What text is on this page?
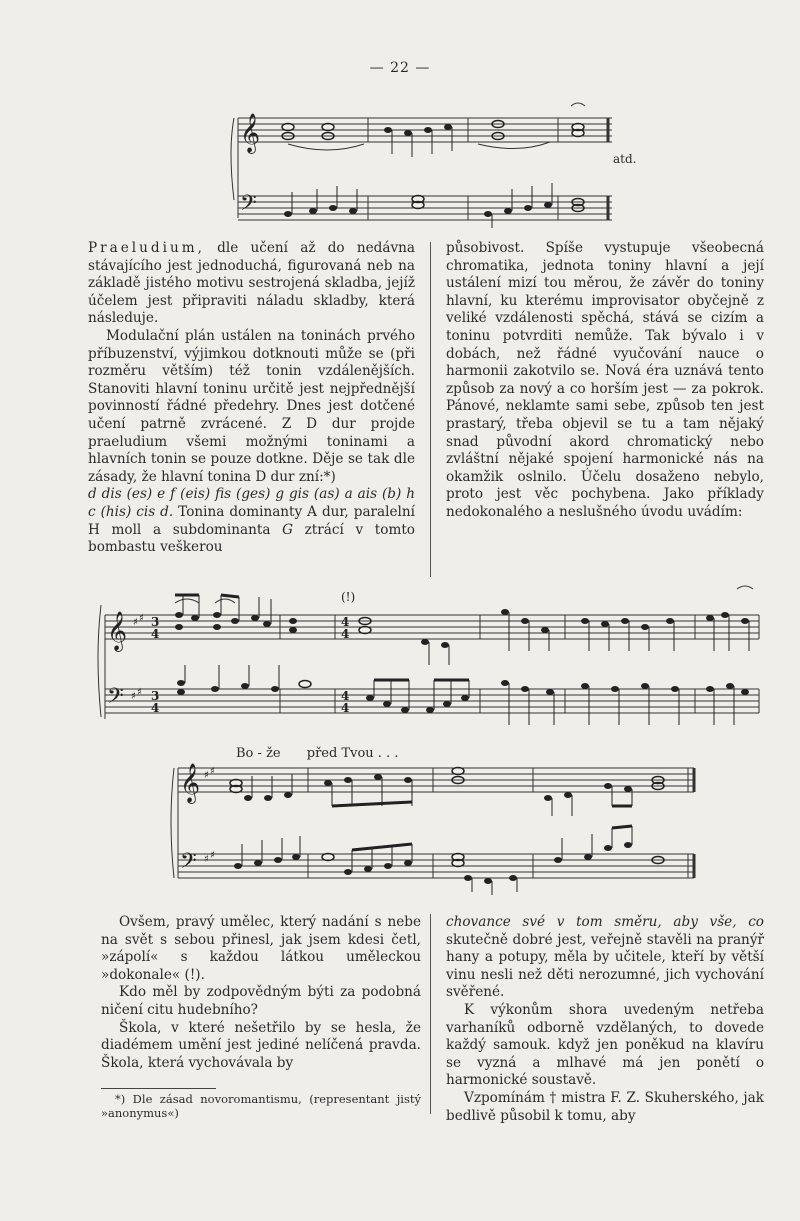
— 22 —
𝄞
𝄢
atd.

Praeludium, dle učení až do nedávna stávajícího jest jednoduchá, figurovaná neb na základě jistého motivu sestrojená skladba, jejíž účelem jest připraviti náladu skladby, která následuje.

Modulační plán ustálen na toninách prvého příbuzenství, výjimkou dotknouti může se (při rozměru větším) též tonin vzdálenějších. Stanoviti hlavní toninu určitě jest nejpřednější povinností řádné předehry. Dnes jest dotčené učení patrně zvrácené. Z D dur projde praeludium všemi možnými toninami a hlavních tonin se pouze dotkne. Děje se tak dle zásady, že hlavní tonina D dur zní:*)

d dis (es) e f (eis) fis (ges) g gis (as) a ais (b) h c (his) cis d. Tonina dominanty A dur, paralelní H moll a subdominanta G ztrácí v tomto bombastu veškerou

působivost. Spíše vystupuje všeobecná chromatika, jednota toniny hlavní a její ustálení mizí tou měrou, že závěr do toniny hlavní, ku kterému improvisator obyčejně z veliké vzdálenosti spěchá, stává se cizím a toninu potvrditi nemůže. Tak bývalo i v dobách, než řádné vyučování nauce o harmonii zakotvilo se. Nová éra uznává tento způsob za nový a co horším jest — za pokrok. Pánové, neklamte sami sebe, způsob ten jest prastarý, třeba objevil se tu a tam nějaký snad původní akord chromatický nebo zvláštní nějaké spojení harmonické nás na okamžik oslnilo. Účelu dosaženo nebylo, proto jest věc pochybena. Jako příklady nedokonalého a neslušného úvodu uvádím:

𝄞
𝄢
♯ ♯
♯ ♯
3
4
3
4
4
4
4
4
(!)
Bo - že před Tvou . . .
𝄞
𝄢
♯ ♯
♯ ♯

Ovšem, pravý umělec, který nadání s nebe na svět s sebou přinesl, jak jsem kdesi četl, »zápolí« s každou látkou uměleckou »dokonale« (!).

Kdo měl by zodpovědným býti za podobná ničení citu hudebního?

Škola, v které nešetřilo by se hesla, že diadémem umění jest jediné nelíčená pravda. Škola, která vychovávala by

chovance své v tom směru, aby vše, co skutečně dobré jest, veřejně stavěli na pranýř hany a potupy, měla by učitele, kteří by větší vinu nesli než děti nerozumné, jich vychování svěřené.

K výkonům shora uvedeným netřeba varhaníků odborně vzdělaných, to dovede každý samouk. když jen poněkud na klavíru se vyzná a mlhavé má jen ponětí o harmonické soustavě.

Vzpomínám † mistra F. Z. Skuherského, jak bedlivě působil k tomu, aby

*) Dle zásad novoromantismu, (representant jistý »anonymus«)
